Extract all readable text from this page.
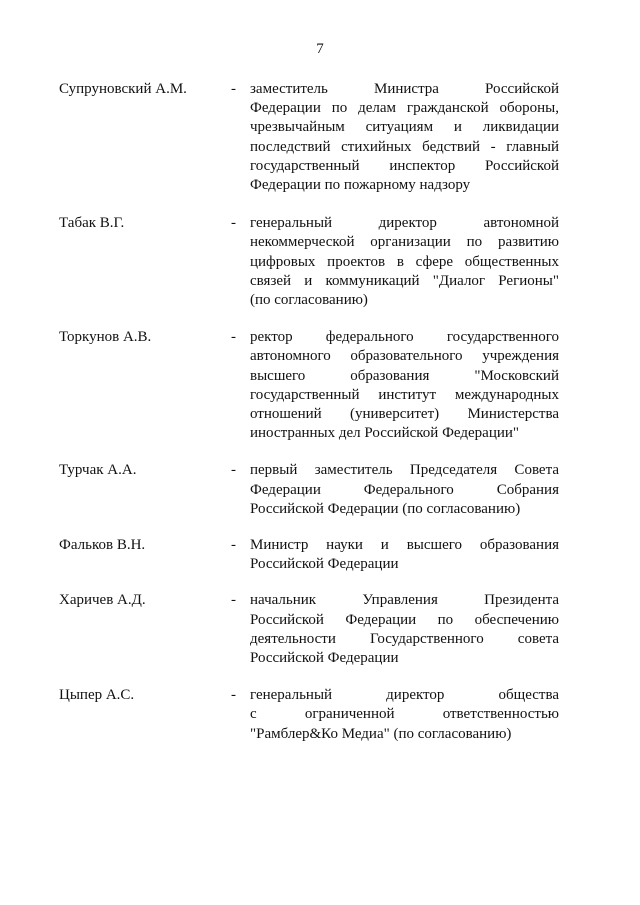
7
Супруновский А.М.	- заместитель Министра Российской
Федерации по делам гражданской обороны,
чрезвычайным ситуациям и ликвидации
последствий стихийных бедствий - главный
государственный инспектор Российской
Федерации по пожарному надзору
Табак В.Г.	- генеральный директор автономной
некоммерческой организации по развитию
цифровых проектов в сфере общественных
связей и коммуникаций "Диалог Регионы"
(по согласованию)
Торкунов А.В.	- ректор федерального государственного
автономного образовательного учреждения
высшего образования "Московский
государственный институт международных
отношений (университет) Министерства
иностранных дел Российской Федерации"
Турчак А.А.	- первый заместитель Председателя Совета
Федерации Федерального Собрания
Российской Федерации (по согласованию)
Фальков В.Н.	- Министр науки и высшего образования
Российской Федерации
Харичев А.Д.	- начальник Управления Президента
Российской Федерации по обеспечению
деятельности Государственного совета
Российской Федерации
Цыпер А.С.	- генеральный директор общества
с ограниченной ответственностью
"Рамблер&Ко Медиа" (по согласованию)
